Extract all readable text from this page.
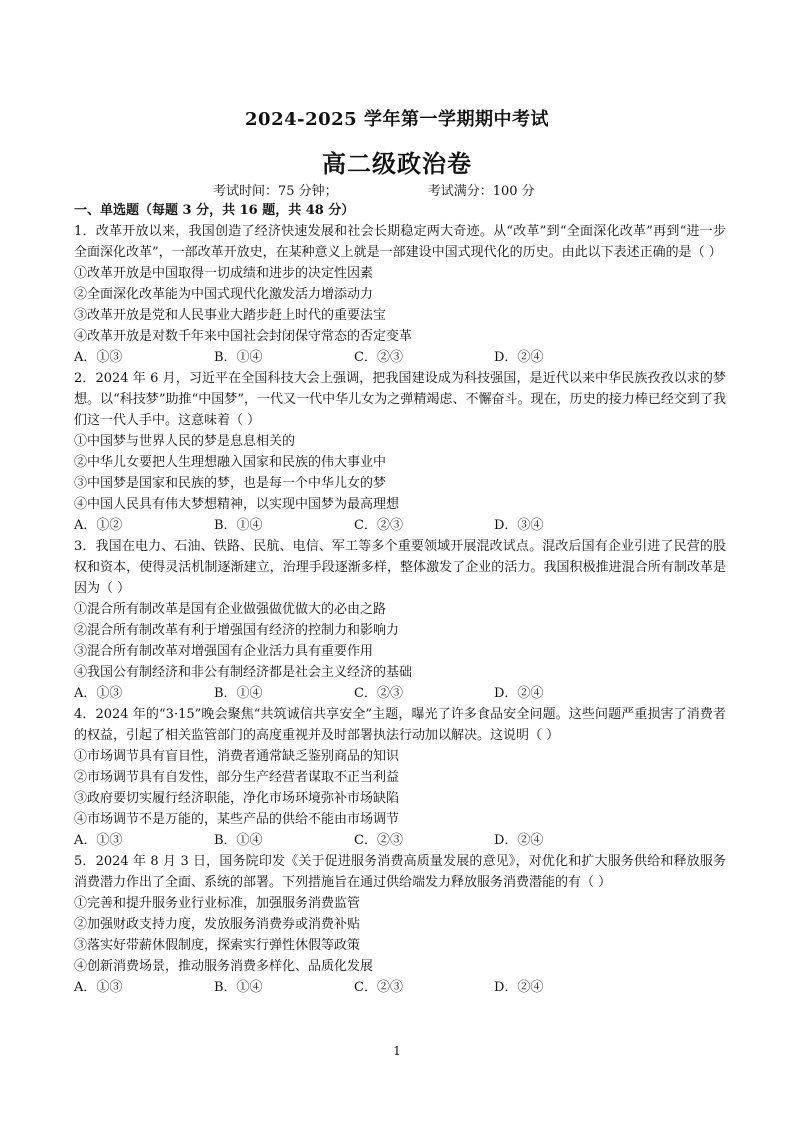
2024-2025 学年第一学期期中考试
高二级政治卷
考试时间：75 分钟；	考试满分：100 分

一、单选题（每题 3 分，共 16 题，共 48 分）

1．改革开放以来，我国创造了经济快速发展和社会长期稳定两大奇迹。从“改革”到“全面深化改革”再到“进一步全面深化改革”，一部改革开放史，在某种意义上就是一部建设中国式现代化的历史。由此以下表述正确的是（ ）

①改革开放是中国取得一切成绩和进步的决定性因素

②全面深化改革能为中国式现代化激发活力增添动力

③改革开放是党和人民事业大踏步赶上时代的重要法宝

④改革开放是对数千年来中国社会封闭保守常态的否定变革

A．①③	B．①④	C．②③	D．②④

2．2024 年 6 月，习近平在全国科技大会上强调，把我国建设成为科技强国，是近代以来中华民族孜孜以求的梦想。以“科技梦”助推“中国梦”，一代又一代中华儿女为之弹精竭虑、不懈奋斗。现在，历史的接力棒已经交到了我们这一代人手中。这意味着（ ）

①中国梦与世界人民的梦是息息相关的

②中华儿女要把人生理想融入国家和民族的伟大事业中

③中国梦是国家和民族的梦，也是每一个中华儿女的梦

④中国人民具有伟大梦想精神，以实现中国梦为最高理想

A．①②	B．①④	C．②③	D．③④

3．我国在电力、石油、铁路、民航、电信、军工等多个重要领域开展混改试点。混改后国有企业引进了民营的股权和资本，使得灵活机制逐渐建立，治理手段逐渐多样，整体激发了企业的活力。我国积极推进混合所有制改革是因为（ ）

①混合所有制改革是国有企业做强做优做大的必由之路

②混合所有制改革有利于增强国有经济的控制力和影响力

③混合所有制改革对增强国有企业活力具有重要作用

④我国公有制经济和非公有制经济都是社会主义经济的基础

A．①③	B．①④	C．②③	D．②④

4．2024 年的“3·15”晚会聚焦“共筑诚信共享安全”主题，曝光了许多食品安全问题。这些问题严重损害了消费者的权益，引起了相关监管部门的高度重视并及时部署执法行动加以解决。这说明（ ）

①市场调节具有盲目性，消费者通常缺乏鉴别商品的知识

②市场调节具有自发性，部分生产经营者谋取不正当利益

③政府要切实履行经济职能，净化市场环境弥补市场缺陷

④市场调节不是万能的，某些产品的供给不能由市场调节

A．①③	B．①④	C．②③	D．②④

5．2024 年 8 月 3 日，国务院印发《关于促进服务消费高质量发展的意见》，对优化和扩大服务供给和释放服务消费潜力作出了全面、系统的部署。下列措施旨在通过供给端发力释放服务消费潜能的有（ ）

①完善和提升服务业行业标准，加强服务消费监管

②加强财政支持力度，发放服务消费券或消费补贴

③落实好带薪休假制度，探索实行弹性休假等政策

④创新消费场景，推动服务消费多样化、品质化发展

A．①③	B．①④	C．②③	D．②④
1
